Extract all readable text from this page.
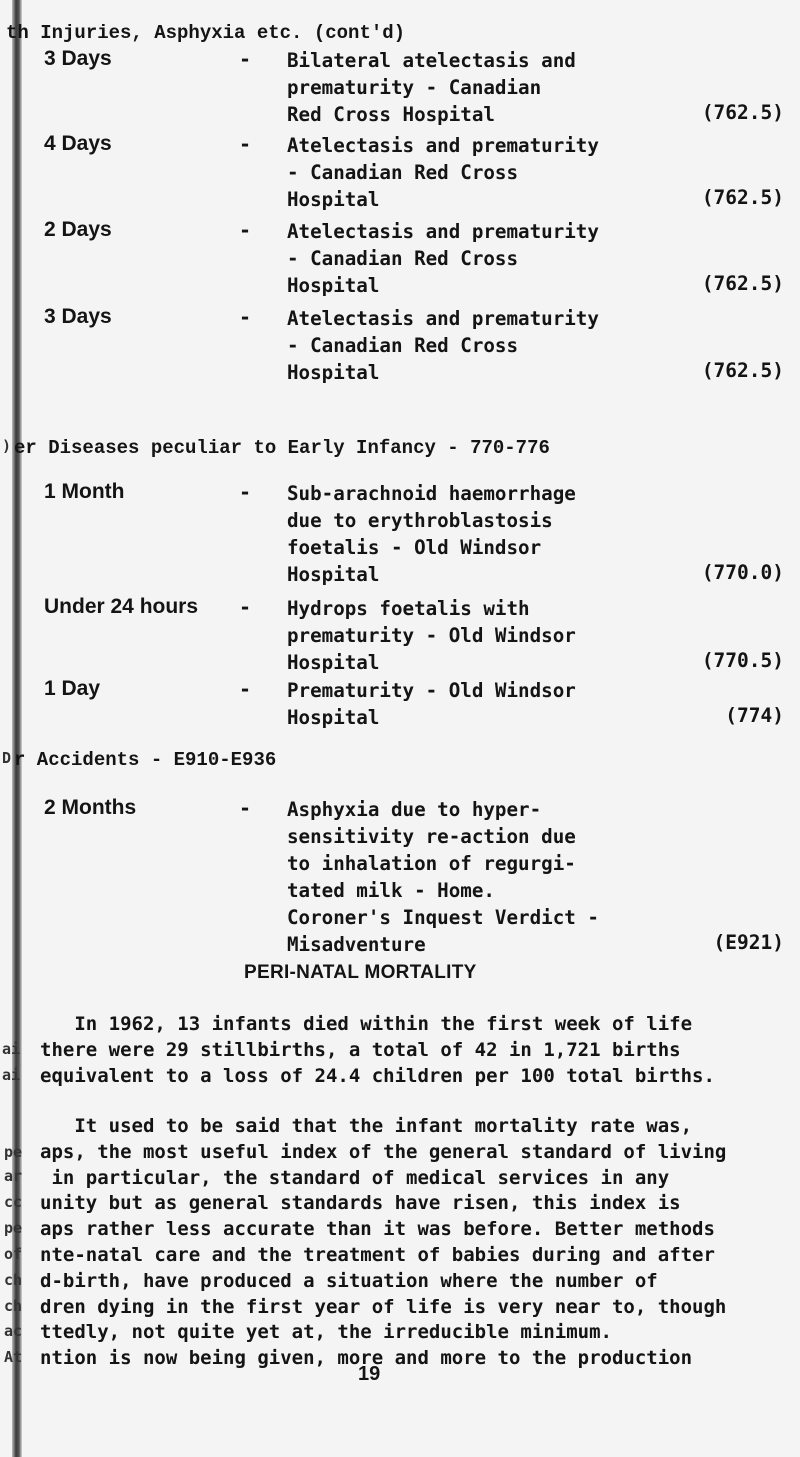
th Injuries, Asphyxia etc. (cont'd)
er Diseases peculiar to Early Infancy - 770-776
r Accidents - E910-E936
3 Days	- Bilateral atelectasis and
prematurity - Canadian
Red Cross Hospital	(762.5)
4 Days	- Atelectasis and prematurity
- Canadian Red Cross
Hospital	(762.5)
2 Days	- Atelectasis and prematurity
- Canadian Red Cross
Hospital	(762.5)
3 Days	- Atelectasis and prematurity
- Canadian Red Cross
Hospital	(762.5)
1 Month	- Sub-arachnoid haemorrhage
due to erythroblastosis
foetalis - Old Windsor
Hospital	(770.0)
Under 24 hours - Hydrops foetalis with
prematurity - Old Windsor
Hospital	(770.5)
1 Day	- Prematurity - Old Windsor
Hospital	(774)
2 Months	- Asphyxia due to hyper-
sensitivity re-action due
to inhalation of regurgi-
tated milk - Home.
Coroner's Inquest Verdict -
Misadventure	(E921)
PERI-NATAL MORTALITY
In 1962, 13 infants died within the first week of life
there were 29 stillbirths, a total of 42 in 1,721 births
equivalent to a loss of 24.4 children per 100 total births.
It used to be said that the infant mortality rate was,
aps, the most useful index of the general standard of living
in particular, the standard of medical services in any
unity but as general standards have risen, this index is
aps rather less accurate than it was before. Better methods
nte-natal care and the treatment of babies during and after
d-birth, have produced a situation where the number of
dren dying in the first year of life is very near to, though
ttedly, not quite yet at, the irreducible minimum.
ntion is now being given, more and more to the production
ai
ai
pe
ar
cc
pe
of
ch
ch
ac
At
)
D
19
